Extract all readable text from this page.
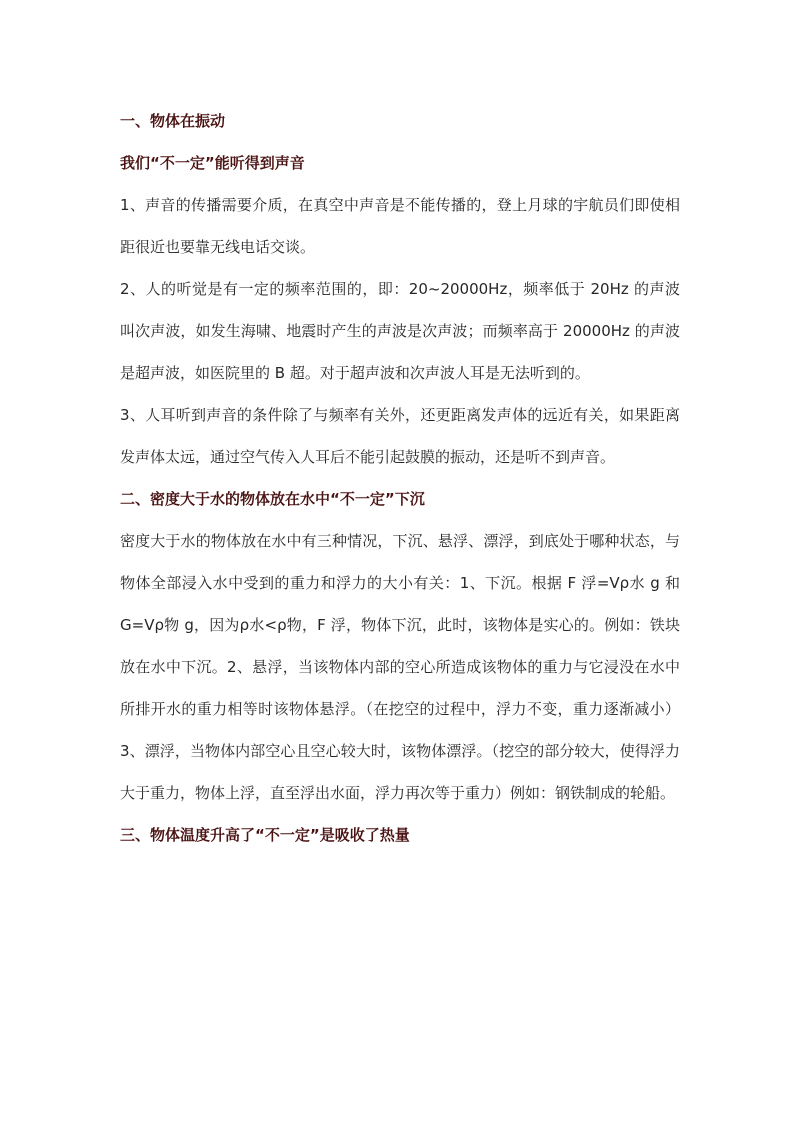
一、物体在振动
我们“不一定”能听得到声音

1、声音的传播需要介质，在真空中声音是不能传播的，登上月球的宇航员们即使相距很近也要靠无线电话交谈。

2、人的听觉是有一定的频率范围的，即：20~20000Hz，频率低于 20Hz 的声波叫次声波，如发生海啸、地震时产生的声波是次声波；而频率高于 20000Hz 的声波是超声波，如医院里的 B 超。对于超声波和次声波人耳是无法听到的。

3、人耳听到声音的条件除了与频率有关外，还更距离发声体的远近有关，如果距离发声体太远，通过空气传入人耳后不能引起鼓膜的振动，还是听不到声音。

二、密度大于水的物体放在水中“不一定”下沉

密度大于水的物体放在水中有三种情况，下沉、悬浮、漂浮，到底处于哪种状态，与物体全部浸入水中受到的重力和浮力的大小有关：1、下沉。根据 F 浮=Vρ水 g 和 G=Vρ物 g，因为ρ水<ρ物，F 浮，物体下沉，此时，该物体是实心的。例如：铁块放在水中下沉。2、悬浮，当该物体内部的空心所造成该物体的重力与它浸没在水中所排开水的重力相等时该物体悬浮。（在挖空的过程中，浮力不变，重力逐渐减小）3、漂浮，当物体内部空心且空心较大时，该物体漂浮。（挖空的部分较大，使得浮力大于重力，物体上浮，直至浮出水面，浮力再次等于重力）例如：钢铁制成的轮船。

三、物体温度升高了“不一定”是吸收了热量
